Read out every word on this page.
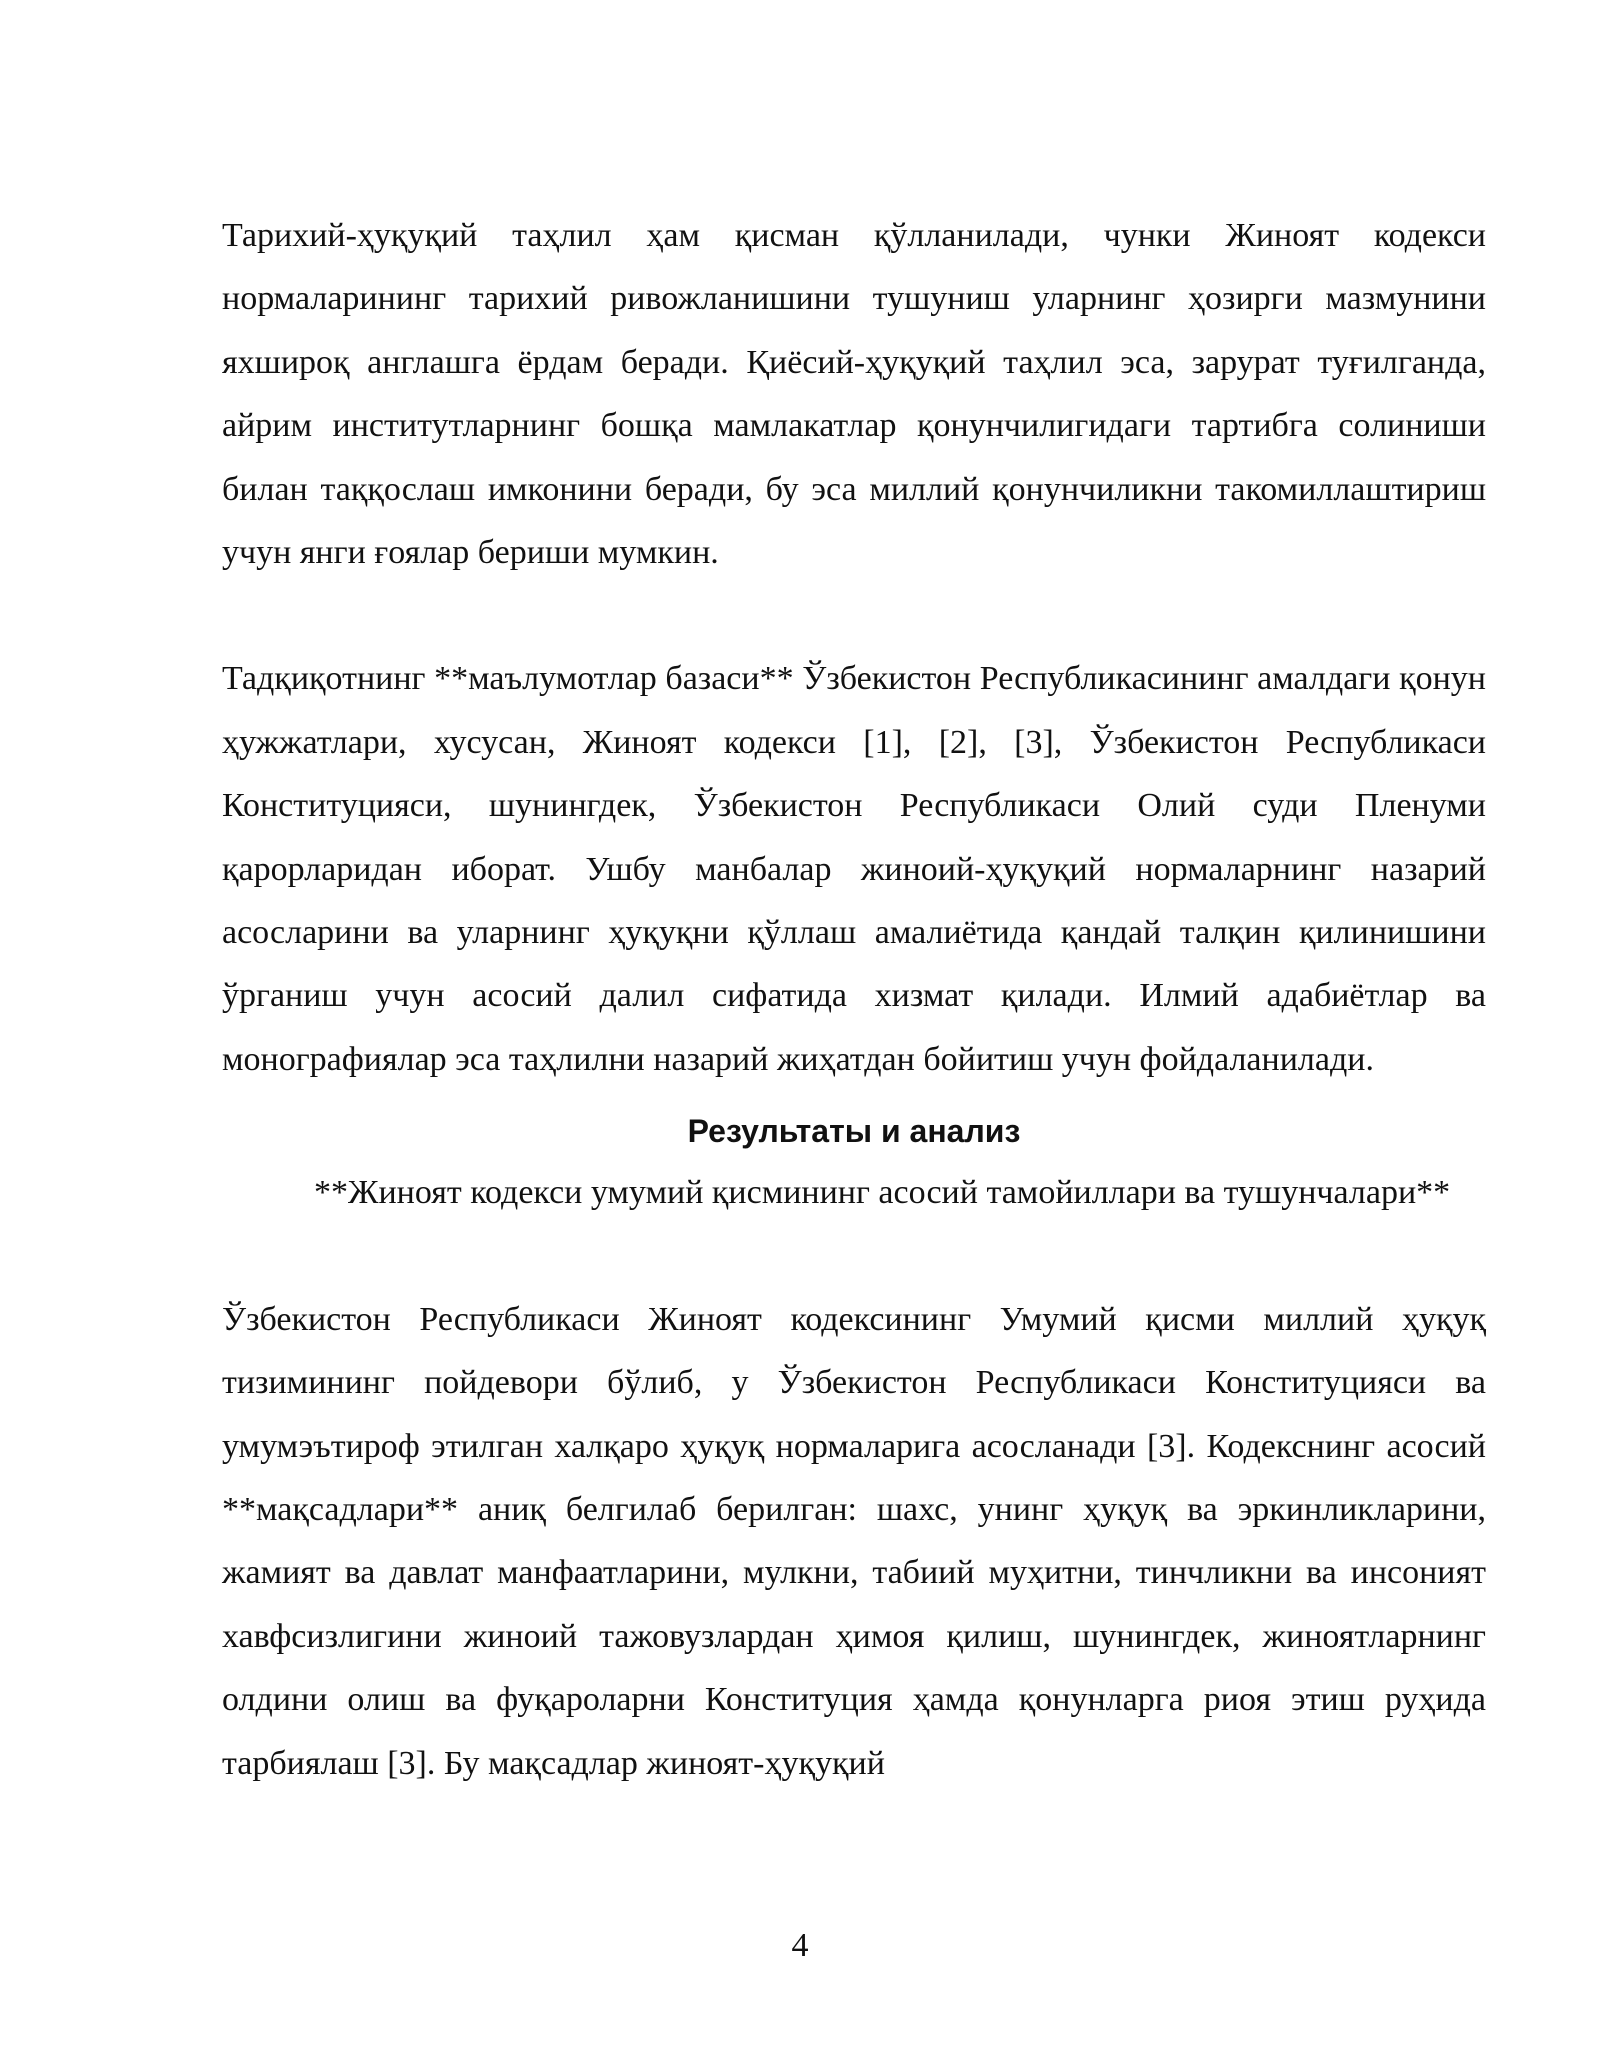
Тарихий-ҳуқуқий таҳлил ҳам қисман қўлланилади, чунки Жиноят кодекси нормаларининг тарихий ривожланишини тушуниш уларнинг ҳозирги мазмунини яхшироқ англашга ёрдам беради. Қиёсий-ҳуқуқий таҳлил эса, зарурат туғилганда, айрим институтларнинг бошқа мамлакатлар қонунчилигидаги тартибга солиниши билан таққослаш имконини беради, бу эса миллий қонунчиликни такомиллаштириш учун янги ғоялар бериши мумкин.

Тадқиқотнинг **маълумотлар базаси** Ўзбекистон Республикасининг амалдаги қонун ҳужжатлари, хусусан, Жиноят кодекси [1], [2], [3], Ўзбекистон Республикаси Конституцияси, шунингдек, Ўзбекистон Республикаси Олий суди Пленуми қарорларидан иборат. Ушбу манбалар жиноий-ҳуқуқий нормаларнинг назарий асосларини ва уларнинг ҳуқуқни қўллаш амалиётида қандай талқин қилинишини ўрганиш учун асосий далил сифатида хизмат қилади. Илмий адабиётлар ва монографиялар эса таҳлилни назарий жиҳатдан бойитиш учун фойдаланилади.

Результаты и анализ

**Жиноят кодекси умумий қисмининг асосий тамойиллари ва тушунчалари**

Ўзбекистон Республикаси Жиноят кодексининг Умумий қисми миллий ҳуқуқ тизимининг пойдевори бўлиб, у Ўзбекистон Республикаси Конституцияси ва умумэътироф этилган халқаро ҳуқуқ нормаларига асосланади [3]. Кодекснинг асосий **мақсадлари** аниқ белгилаб берилган: шахс, унинг ҳуқуқ ва эркинликларини, жамият ва давлат манфаатларини, мулкни, табиий муҳитни, тинчликни ва инсоният хавфсизлигини жиноий тажовузлардан ҳимоя қилиш, шунингдек, жиноятларнинг олдини олиш ва фуқароларни Конституция ҳамда қонунларга риоя этиш руҳида тарбиялаш [3]. Бу мақсадлар жиноят-ҳуқуқий

4
